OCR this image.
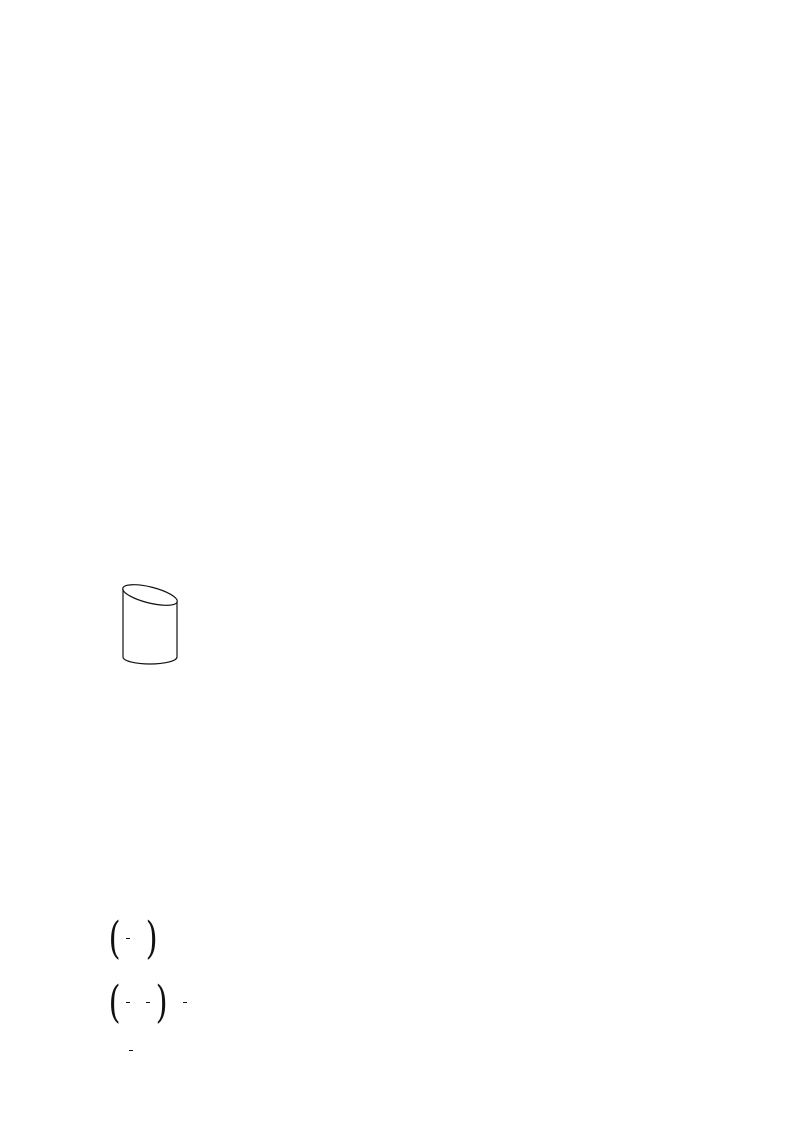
( )
( )
